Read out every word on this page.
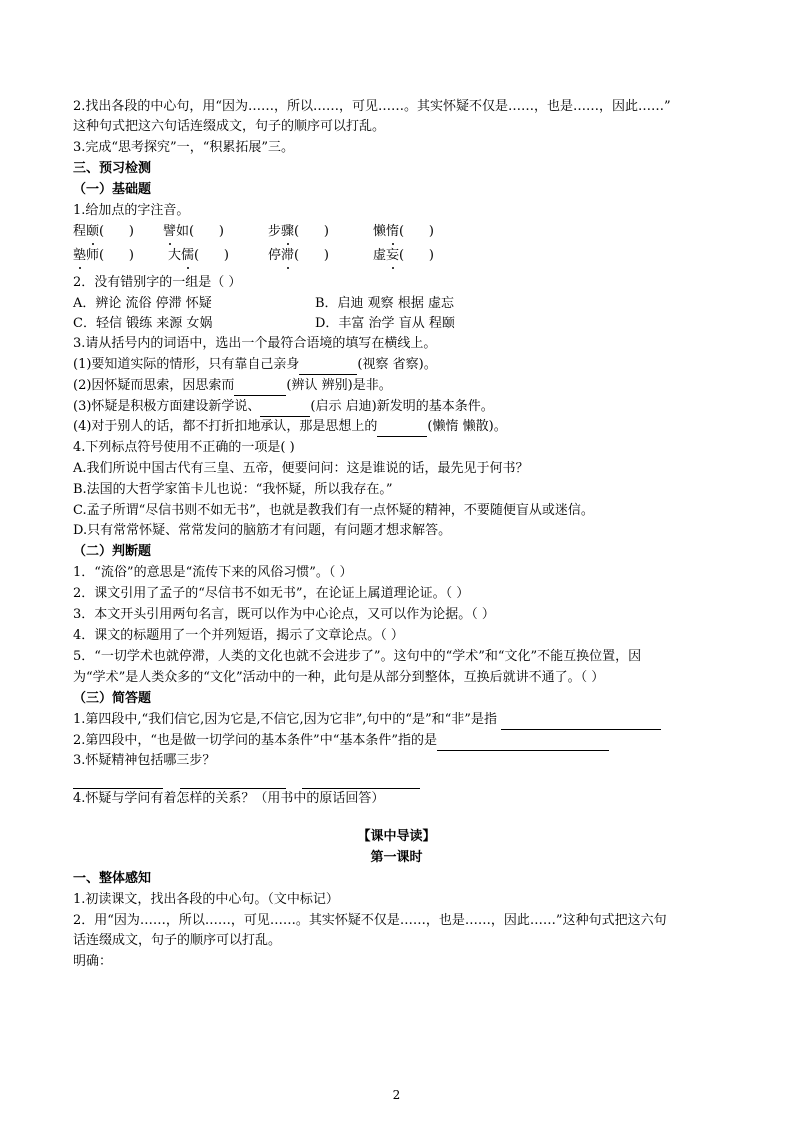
2.找出各段的中心句，用“因为……，所以……，可见……。其实怀疑不仅是……，也是……，因此……”
这种句式把这六句话连缀成文，句子的顺序可以打乱。
3.完成“思考探究”一，“积累拓展”三。
三、预习检测
（一）基础题
1.给加点的字注音。
程颐(      ) 譬如(      )	步骤(      )	懒惰(      )
塾师(      )	大儒(      )	停滞(      )	虚妄(      )
2．没有错别字的一组是（ ）
A．辨论 流俗 停滞 怀疑	B．启迪 观察 根据 虚忘
C．轻信 锻练 来源 女娲	D．丰富 治学 盲从 程颐
3.请从括号内的词语中，选出一个最符合语境的填写在横线上。
(1)要知道实际的情形，只有靠自己亲身	(视察 省察)。
(2)因怀疑而思索，因思索而	(辨认 辨别)是非。
(3)怀疑是积极方面建设新学说、	(启示 启迪)新发明的基本条件。
(4)对于别人的话，都不打折扣地承认，那是思想上的	(懒惰 懒散)。
4.下列标点符号使用不正确的一项是( )
A.我们所说中国古代有三皇、五帝，便要问问：这是谁说的话，最先见于何书？
B.法国的大哲学家笛卡儿也说：“我怀疑，所以我存在。”
C.孟子所谓“尽信书则不如无书”，也就是教我们有一点怀疑的精神，不要随便盲从或迷信。
D.只有常常怀疑、常常发问的脑筋才有问题，有问题才想求解答。
（二）判断题
1．“流俗”的意思是“流传下来的风俗习惯”。（ ）
2．课文引用了孟子的“尽信书不如无书”，在论证上属道理论证。（ ）
3．本文开头引用两句名言，既可以作为中心论点，又可以作为论据。（ ）
4．课文的标题用了一个并列短语，揭示了文章论点。（ ）
5．“一切学术也就停滞，人类的文化也就不会进步了”。这句中的“学术”和“文化”不能互换位置，因
为“学术”是人类众多的“文化”活动中的一种，此句是从部分到整体，互换后就讲不通了。（ ）
（三）简答题
1.第四段中,“我们信它,因为它是,不信它,因为它非”,句中的“是”和“非”是指
2.第四段中，“也是做一切学问的基本条件”中“基本条件”指的是
3.怀疑精神包括哪三步？

4.怀疑与学问有着怎样的关系？（用书中的原话回答）
【课中导读】
第一课时
一、整体感知
1.初读课文，找出各段的中心句。（文中标记）
2．用“因为……，所以……，可见……。其实怀疑不仅是……，也是……，因此……”这种句式把这六句
话连缀成文，句子的顺序可以打乱。
明确：
2
